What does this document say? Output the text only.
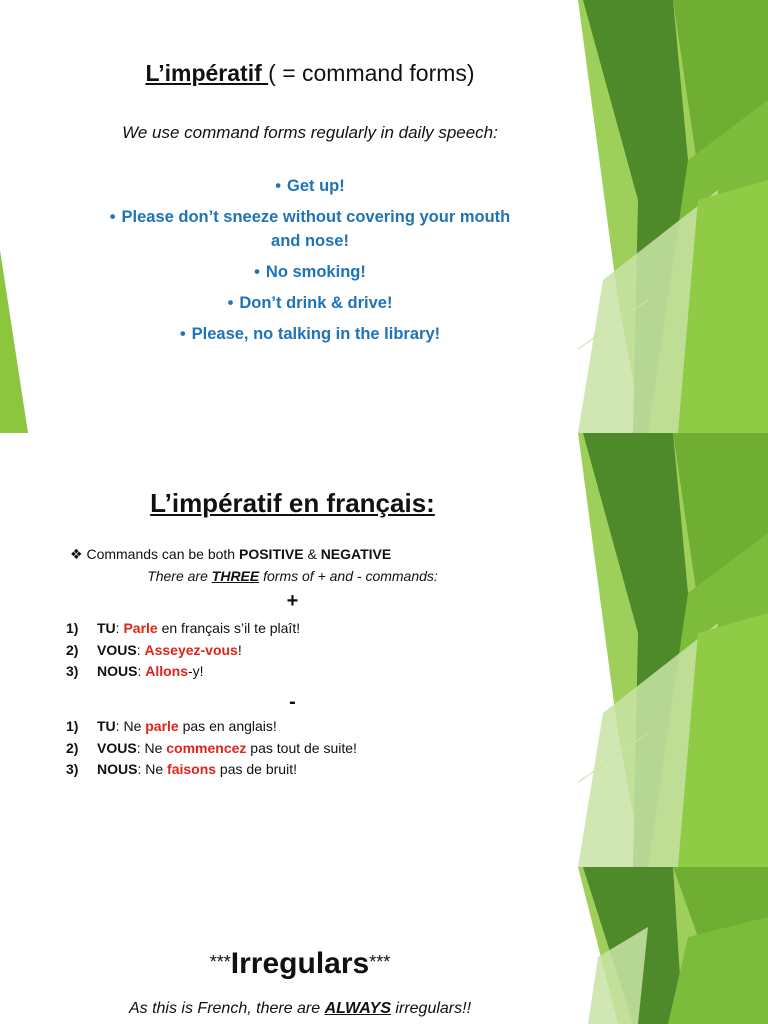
L’impératif ( = command forms)
We use command forms regularly in daily speech:
• Get up!
• Please don’t sneeze without covering your mouth and nose!
• No smoking!
• Don’t drink & drive!
• Please, no talking in the library!
L’impératif en français:
❖ Commands can be both POSITIVE & NEGATIVE
There are THREE forms of + and - commands:
+
1) TU: Parle en français s’il te plaît!
2) VOUS: Asseyez-vous!
3) NOUS: Allons-y!
-
1) TU: Ne parle pas en anglais!
2) VOUS: Ne commencez pas tout de suite!
3) NOUS: Ne faisons pas de bruit!
***Irregulars***
As this is French, there are ALWAYS irregulars!!
